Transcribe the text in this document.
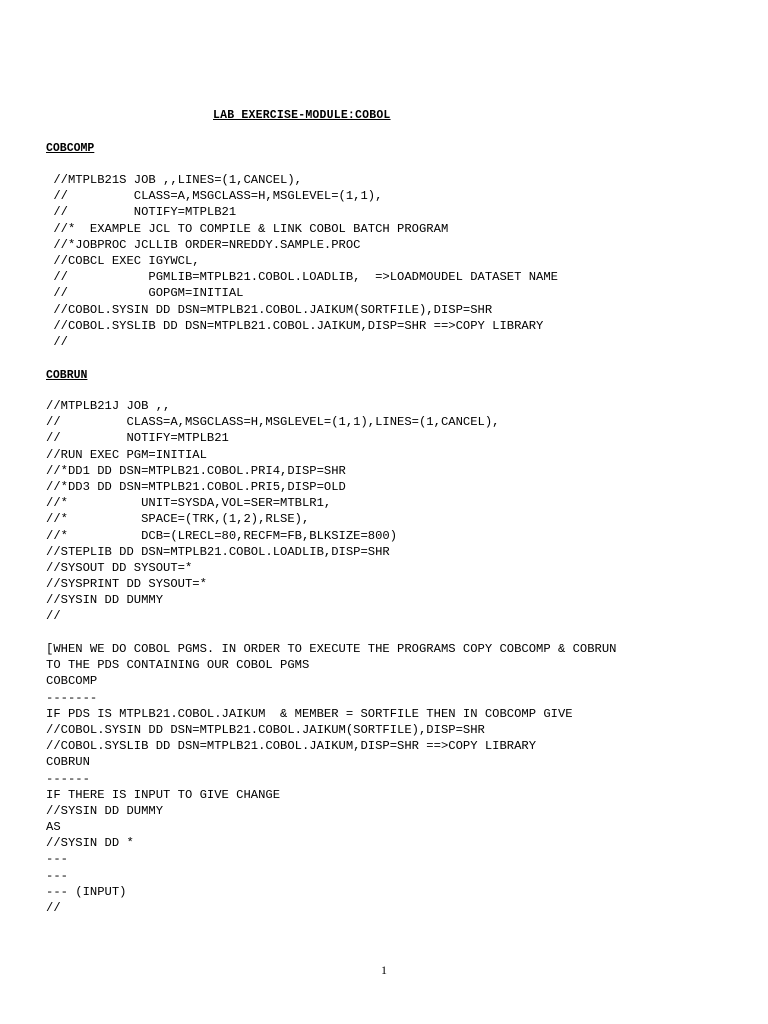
LAB EXERCISE-MODULE:COBOL
COBCOMP
//MTPLB21S JOB ,,LINES=(1,CANCEL),
//         CLASS=A,MSGCLASS=H,MSGLEVEL=(1,1),
//         NOTIFY=MTPLB21
//*  EXAMPLE JCL TO COMPILE & LINK COBOL BATCH PROGRAM
//*JOBPROC JCLLIB ORDER=NREDDY.SAMPLE.PROC
//COBCL EXEC IGYWCL,
//           PGMLIB=MTPLB21.COBOL.LOADLIB,  =>LOADMOUDEL DATASET NAME
//           GOPGM=INITIAL
//COBOL.SYSIN DD DSN=MTPLB21.COBOL.JAIKUM(SORTFILE),DISP=SHR
//COBOL.SYSLIB DD DSN=MTPLB21.COBOL.JAIKUM,DISP=SHR ==>COPY LIBRARY
//
COBRUN
//MTPLB21J JOB ,,
//         CLASS=A,MSGCLASS=H,MSGLEVEL=(1,1),LINES=(1,CANCEL),
//         NOTIFY=MTPLB21
//RUN EXEC PGM=INITIAL
//*DD1 DD DSN=MTPLB21.COBOL.PRI4,DISP=SHR
//*DD3 DD DSN=MTPLB21.COBOL.PRI5,DISP=OLD
//*          UNIT=SYSDA,VOL=SER=MTBLR1,
//*          SPACE=(TRK,(1,2),RLSE),
//*          DCB=(LRECL=80,RECFM=FB,BLKSIZE=800)
//STEPLIB DD DSN=MTPLB21.COBOL.LOADLIB,DISP=SHR
//SYSOUT DD SYSOUT=*
//SYSPRINT DD SYSOUT=*
//SYSIN DD DUMMY
//
[WHEN WE DO COBOL PGMS. IN ORDER TO EXECUTE THE PROGRAMS COPY COBCOMP & COBRUN
TO THE PDS CONTAINING OUR COBOL PGMS
COBCOMP
-------
IF PDS IS MTPLB21.COBOL.JAIKUM  & MEMBER = SORTFILE THEN IN COBCOMP GIVE
//COBOL.SYSIN DD DSN=MTPLB21.COBOL.JAIKUM(SORTFILE),DISP=SHR
//COBOL.SYSLIB DD DSN=MTPLB21.COBOL.JAIKUM,DISP=SHR ==>COPY LIBRARY
COBRUN
------
IF THERE IS INPUT TO GIVE CHANGE
//SYSIN DD DUMMY
AS
//SYSIN DD *
---
---
--- (INPUT)
//
1
